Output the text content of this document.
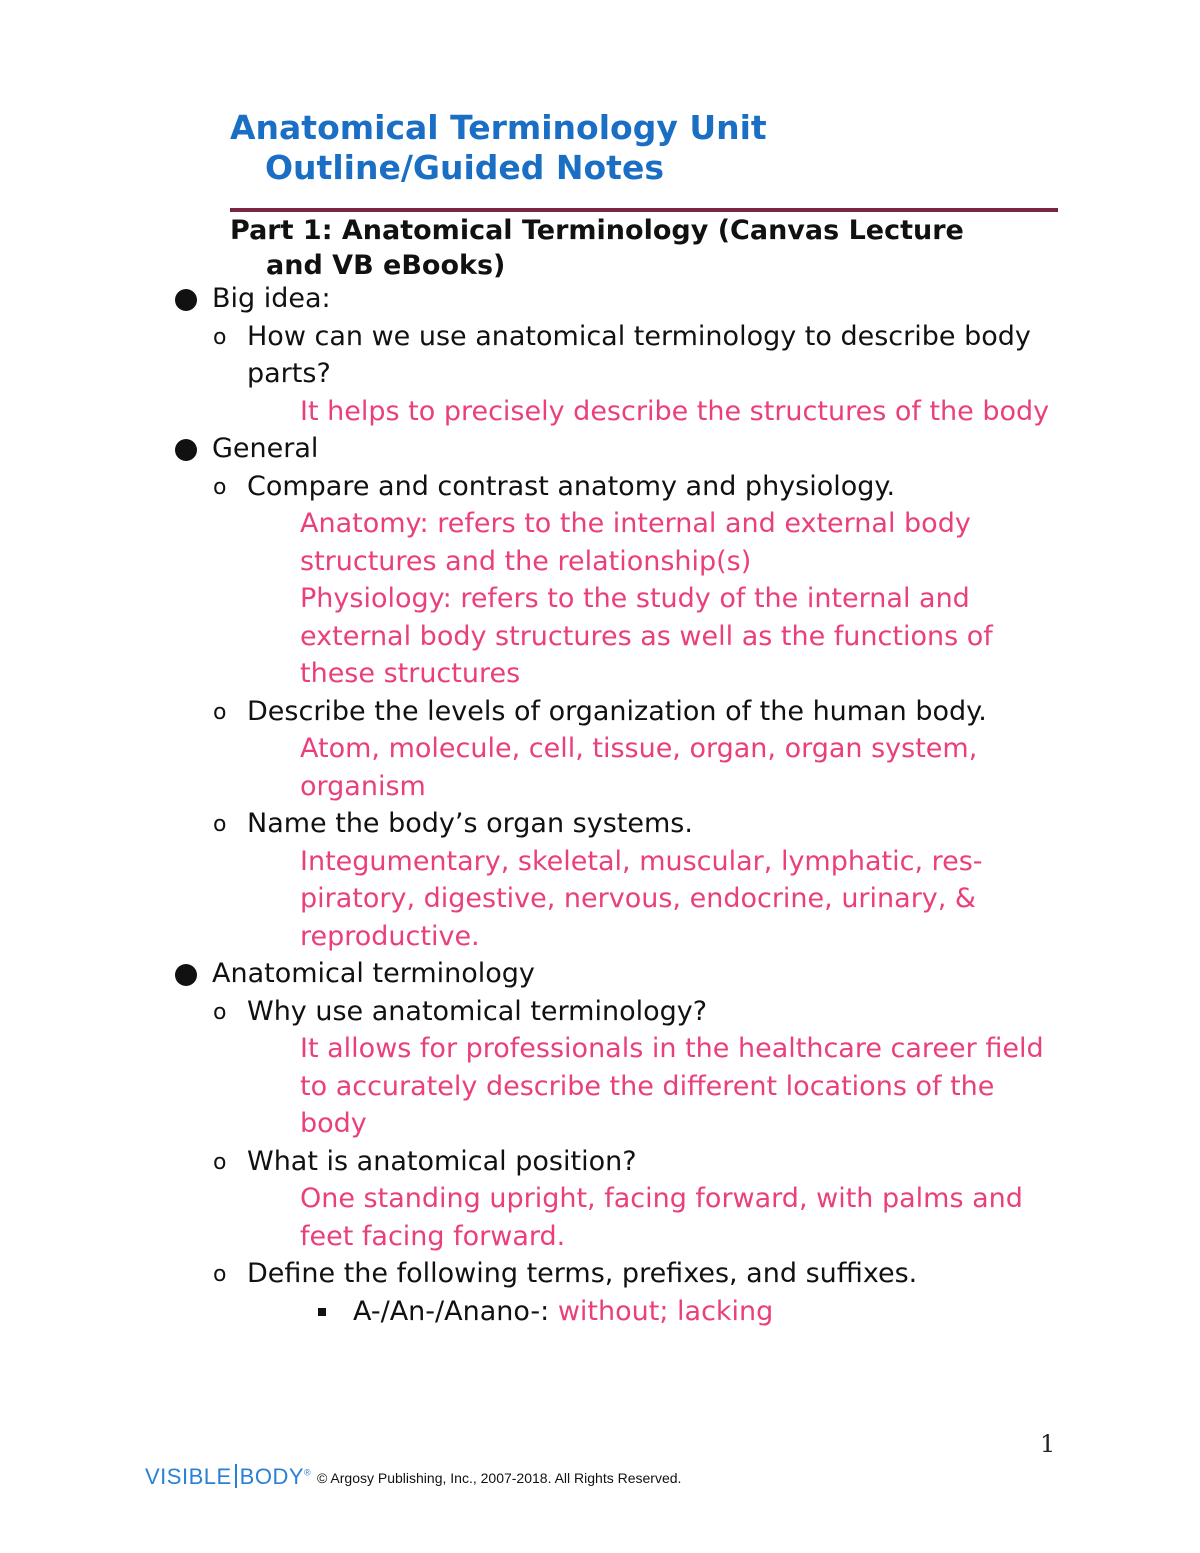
Anatomical Terminology Unit
Outline/Guided Notes
Part 1: Anatomical Terminology (Canvas Lecture
and VB eBooks)
Big idea:
o How can we use anatomical terminology to describe body parts?
It helps to precisely describe the structures of the body
General
o Compare and contrast anatomy and physiology.
Anatomy: refers to the internal and external body structures and the relationship(s)
Physiology: refers to the study of the internal and external body structures as well as the functions of these structures
o Describe the levels of organization of the human body.
Atom, molecule, cell, tissue, organ, organ system, organism
o Name the body’s organ systems.
Integumentary, skeletal, muscular, lymphatic, res-piratory, digestive, nervous, endocrine, urinary, & reproductive.
Anatomical terminology
o Why use anatomical terminology?
It allows for professionals in the healthcare career field to accurately describe the different locations of the body
o What is anatomical position?
One standing upright, facing forward, with palms and feet facing forward.
o Define the following terms, prefixes, and suffixes.
A-/An-/Anano-: without; lacking
1
VISIBLE BODY® © Argosy Publishing, Inc., 2007-2018. All Rights Reserved.
